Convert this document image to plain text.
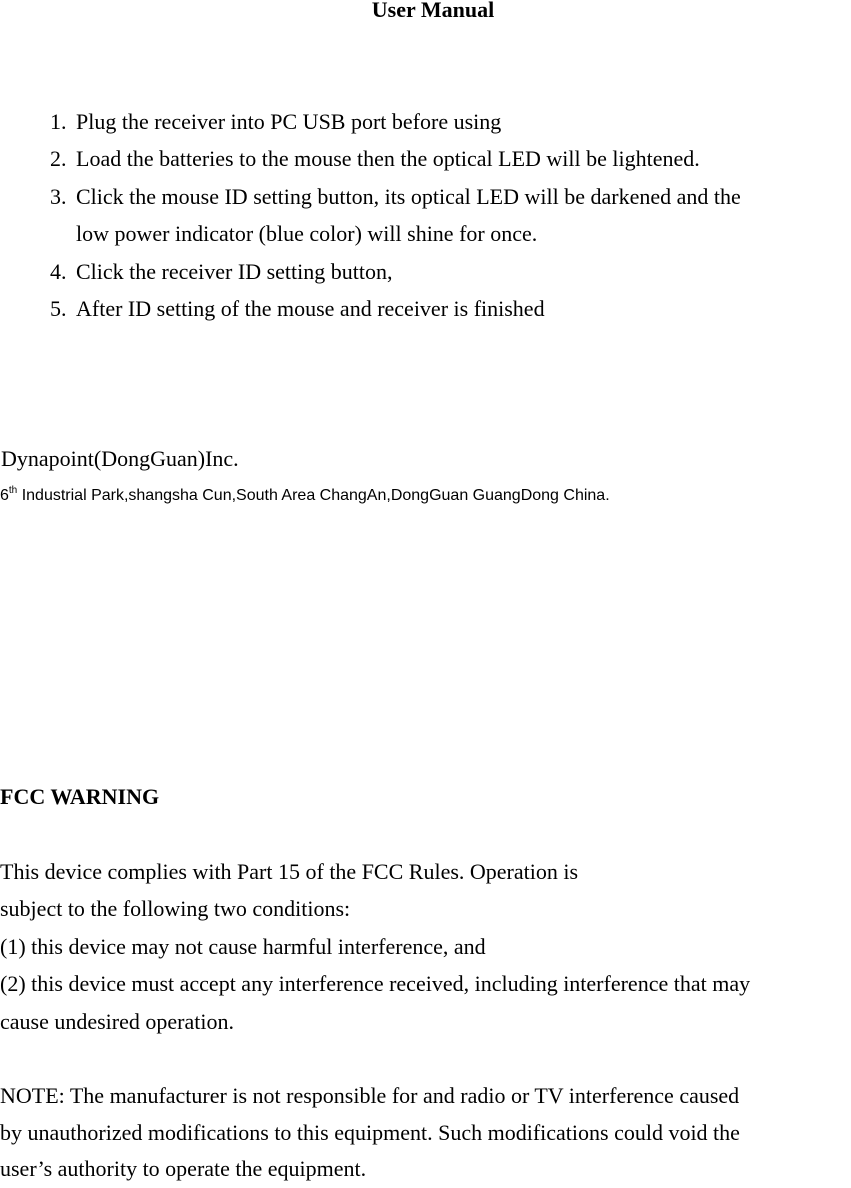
User Manual
1. Plug the receiver into PC USB port before using
2. Load the batteries to the mouse then the optical LED will be lightened.
3. Click the mouse ID setting button, its optical LED will be darkened and the
low power indicator (blue color) will shine for once.
4. Click the receiver ID setting button,
5. After ID setting of the mouse and receiver is finished
Dynapoint(DongGuan)Inc.
6th Industrial Park,shangsha Cun,South Area ChangAn,DongGuan GuangDong China.
FCC WARNING
This device complies with Part 15 of the FCC Rules. Operation is
subject to the following two conditions:
(1) this device may not cause harmful interference, and
(2) this device must accept any interference received, including interference that may
cause undesired operation.
NOTE: The manufacturer is not responsible for and radio or TV interference caused
by unauthorized modifications to this equipment. Such modifications could void the
user’s authority to operate the equipment.
